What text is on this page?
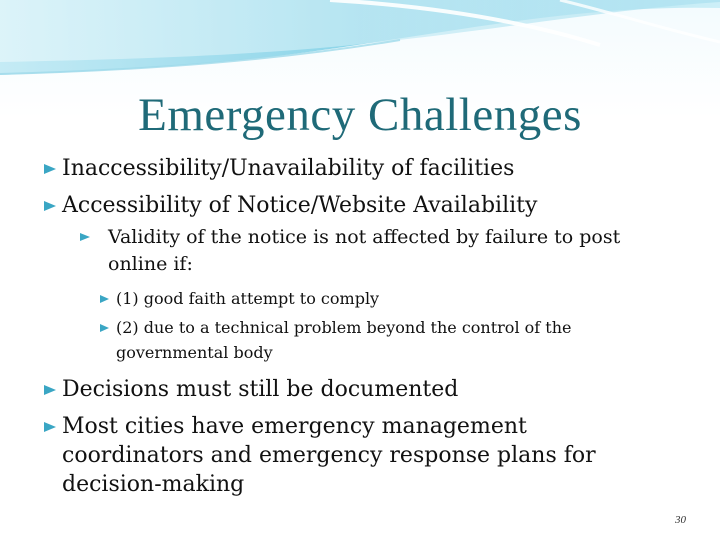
Emergency Challenges
Inaccessibility/Unavailability of facilities
Accessibility of Notice/Website Availability
Validity of the notice is not affected by failure to post online if:
(1) good faith attempt to comply
(2) due to a technical problem beyond the control of the governmental body
Decisions must still be documented
Most cities have emergency management coordinators and emergency response plans for decision-making
30
